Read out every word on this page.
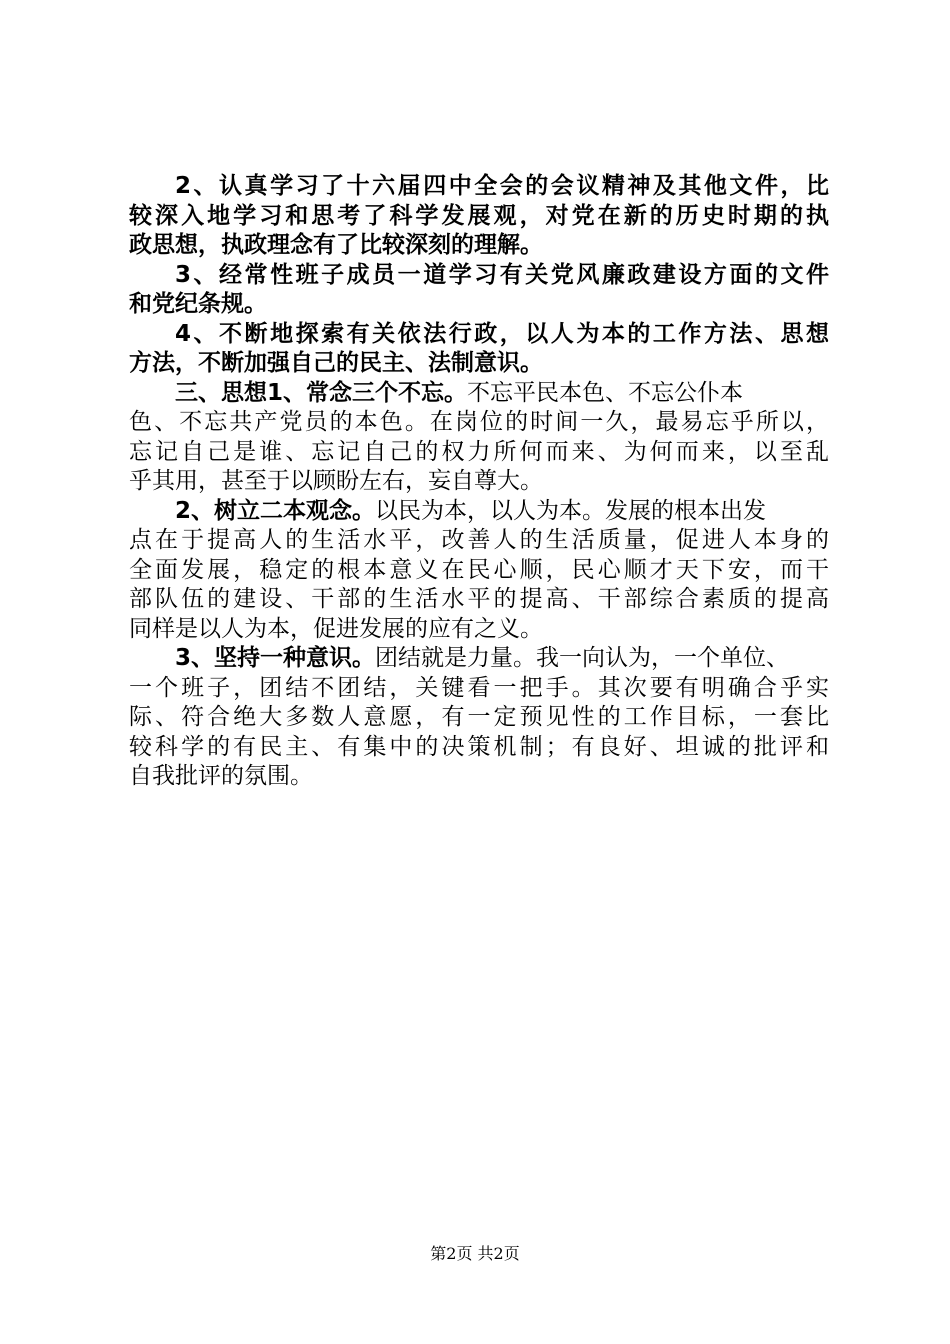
2、认真学习了十六届四中全会的会议精神及其他文件，比
较深入地学习和思考了科学发展观，对党在新的历史时期的执
政思想，执政理念有了比较深刻的理解。
3、经常性班子成员一道学习有关党风廉政建设方面的文件
和党纪条规。
4、不断地探索有关依法行政，以人为本的工作方法、思想
方法，不断加强自己的民主、法制意识。
三、思想1、常念三个不忘。不忘平民本色、不忘公仆本
色、不忘共产党员的本色。在岗位的时间一久，最易忘乎所以，
忘记自己是谁、忘记自己的权力所何而来、为何而来，以至乱
乎其用，甚至于以顾盼左右，妄自尊大。
2、树立二本观念。以民为本，以人为本。发展的根本出发
点在于提高人的生活水平，改善人的生活质量，促进人本身的
全面发展，稳定的根本意义在民心顺，民心顺才天下安，而干
部队伍的建设、干部的生活水平的提高、干部综合素质的提高
同样是以人为本，促进发展的应有之义。
3、坚持一种意识。团结就是力量。我一向认为，一个单位、
一个班子，团结不团结，关键看一把手。其次要有明确合乎实
际、符合绝大多数人意愿，有一定预见性的工作目标，一套比
较科学的有民主、有集中的决策机制；有良好、坦诚的批评和
自我批评的氛围。
第2页 共2页
